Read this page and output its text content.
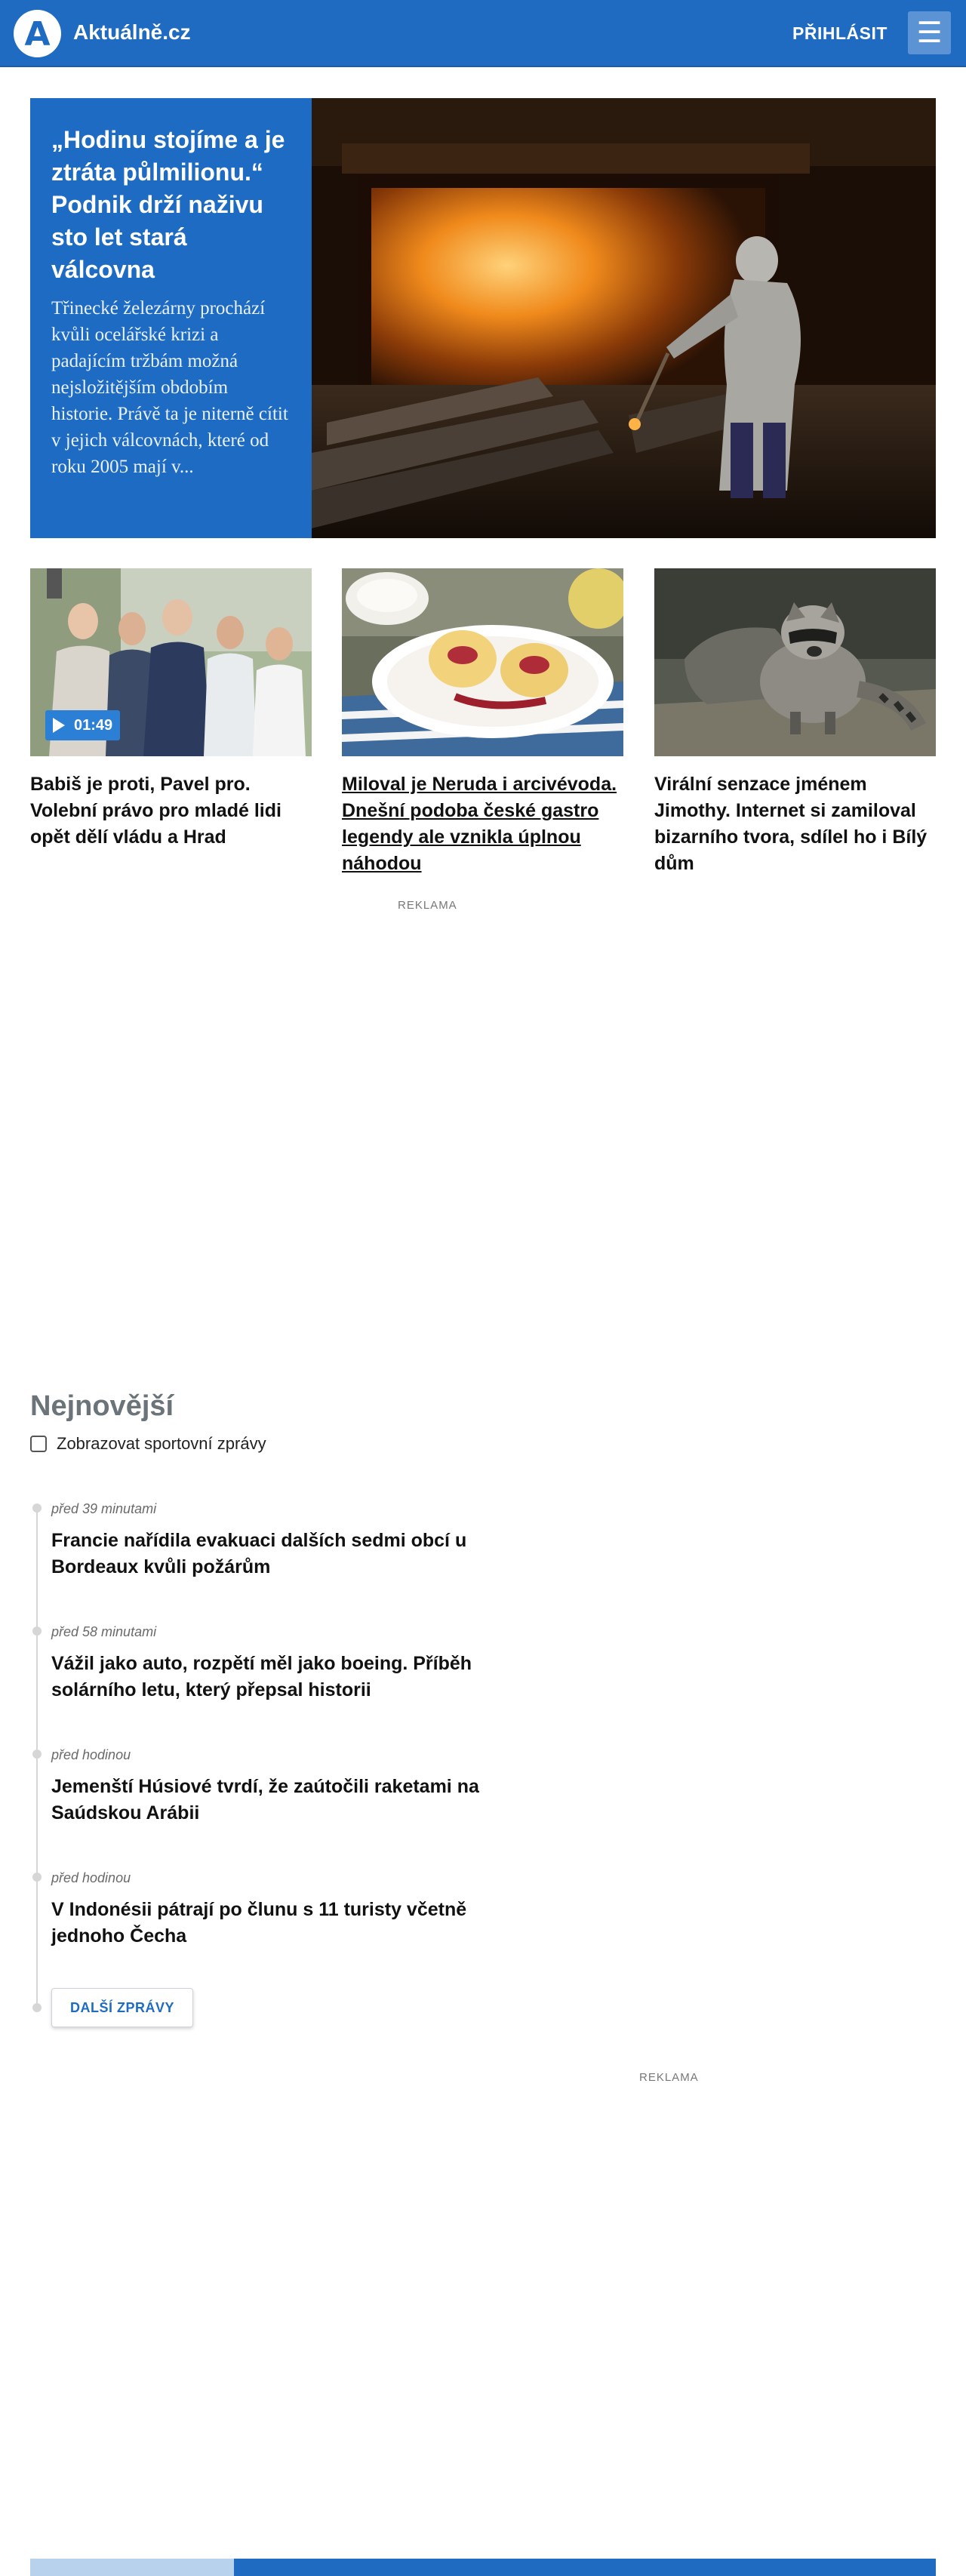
A Aktuálně.cz	PŘIHLÁSIT ☰
„Hodinu stojíme a je ztráta půlmilionu.“ Podnik drží naživu sto let stará válcovna

Třinecké železárny prochází kvůli ocelářské krizi a padajícím tržbám možná nejsložitějším obdobím historie. Právě ta je niterně cítit v jejich válcovnách, které od roku 2005 mají v...

01:49
Babiš je proti, Pavel pro. Volební právo pro mladé lidi opět dělí vládu a Hrad
Miloval je Neruda i arcivévoda. Dnešní podoba české gastro legendy ale vznikla úplnou náhodou
Virální senzace jménem Jimothy. Internet si zamiloval bizarního tvora, sdílel ho i Bílý dům
REKLAMA
Nejnovější
Zobrazovat sportovní zprávy
před 39 minutami
Francie nařídila evakuaci dalších sedmi obcí u Bordeaux kvůli požárům
před 58 minutami
Vážil jako auto, rozpětí měl jako boeing. Příběh solárního letu, který přepsal historii
před hodinou
Jemenští Húsiové tvrdí, že zaútočili raketami na Saúdskou Arábii
před hodinou
V Indonésii pátrají po člunu s 11 turisty včetně jednoho Čecha
DALŠÍ ZPRÁVY
REKLAMA
